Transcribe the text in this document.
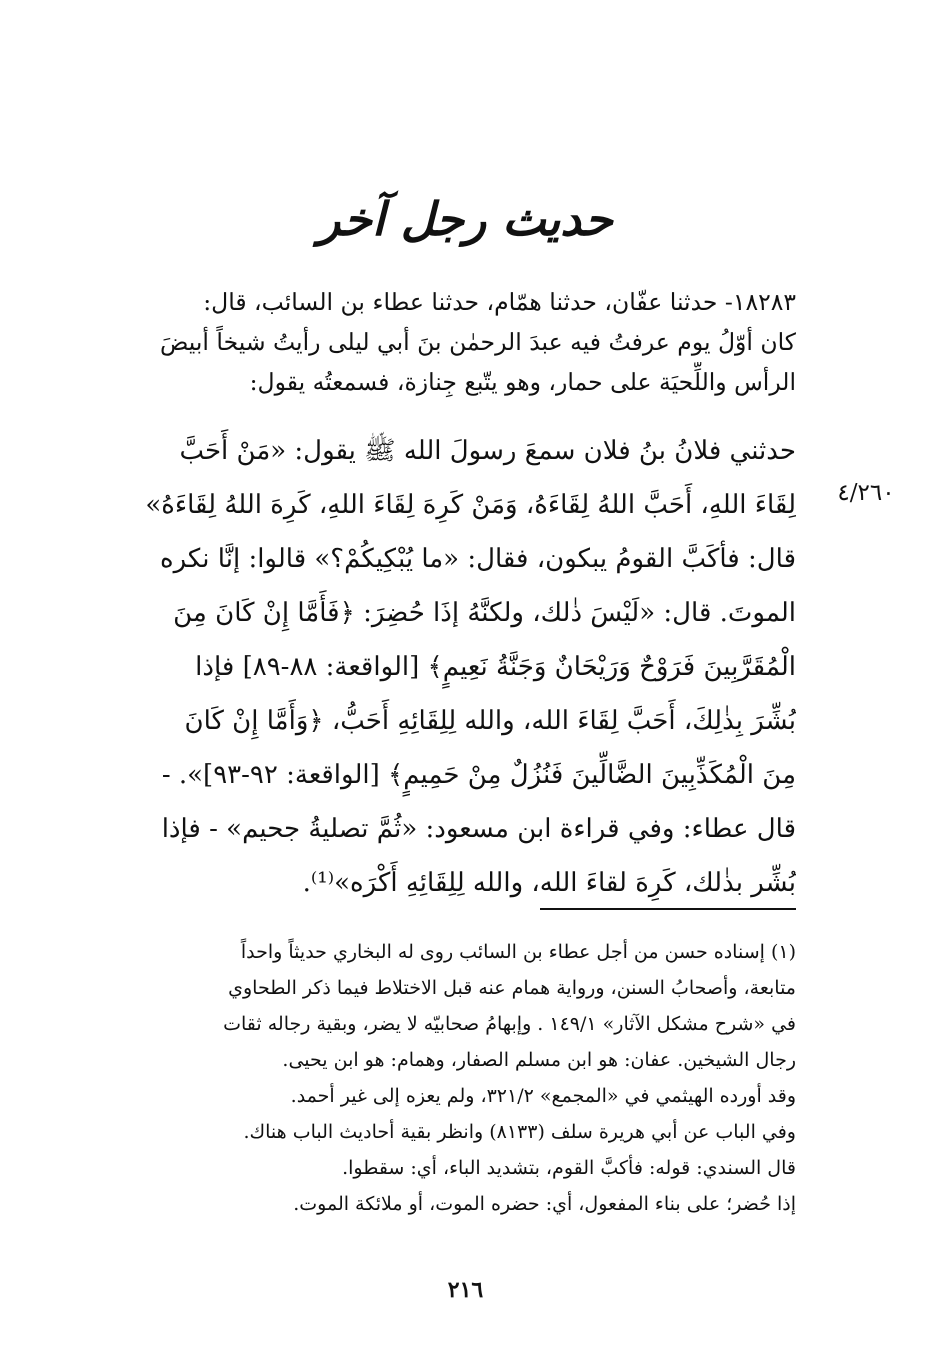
حديث رجل آخر
١٨٢٨٣- حدثنا عفّان، حدثنا همّام، حدثنا عطاء بن السائب، قال:
كان أوّلُ يوم عرفتُ فيه عبدَ الرحمٰن بنَ أبي ليلى رأيتُ شيخاً أبيضَ
الرأس واللِّحيَة على حمار، وهو يتّبع جِنازة، فسمعتُه يقول:
٤/٢٦٠
حدثني فلانُ بنُ فلان سمعَ رسولَ الله ﷺ يقول: «مَنْ أَحَبَّ
لِقَاءَ اللهِ، أَحَبَّ اللهُ لِقَاءَهُ، وَمَنْ كَرِهَ لِقَاءَ اللهِ، كَرِهَ اللهُ لِقَاءَهُ»
قال: فأكَبَّ القومُ يبكون، فقال: «ما يُبْكِيكُمْ؟» قالوا: إنَّا نكره
الموتَ. قال: «لَيْسَ ذٰلك، ولكنَّهُ إذَا حُضِرَ: ﴿فَأَمَّا إِنْ كَانَ مِنَ
الْمُقَرَّبِينَ فَرَوْحٌ وَرَيْحَانٌ وَجَنَّةُ نَعِيمٍ﴾ [الواقعة: ٨٨-٨٩] فإذا
بُشِّرَ بِذٰلِكَ، أَحَبَّ لِقَاءَ الله، والله لِلِقَائِهِ أَحَبُّ، ﴿وَأَمَّا إِنْ كَانَ
مِنَ الْمُكَذِّبِينَ الضَّالِّينَ فَنُزُلٌ مِنْ حَمِيمٍ﴾ [الواقعة: ٩٢-٩٣]». -
قال عطاء: وفي قراءة ابن مسعود: «ثُمَّ تصليةُ جحيم» - فإذا
بُشِّر بذٰلك، كَرِهَ لقاءَ الله، والله لِلِقَائِهِ أَكْرَه»⁽¹⁾.
(١) إسناده حسن من أجل عطاء بن السائب روى له البخاري حديثاً واحداً
متابعة، وأصحابُ السنن، ورواية همام عنه قبل الاختلاط فيما ذكر الطحاوي
في «شرح مشكل الآثار» ١٤٩/١ . وإبهامُ صحابيّه لا يضر، وبقية رجاله ثقات
رجال الشيخين. عفان: هو ابن مسلم الصفار، وهمام: هو ابن يحيى.
وقد أورده الهيثمي في «المجمع» ٣٢١/٢، ولم يعزه إلى غير أحمد.
وفي الباب عن أبي هريرة سلف (٨١٣٣) وانظر بقية أحاديث الباب هناك.
قال السندي: قوله: فأكبَّ القوم، بتشديد الباء، أي: سقطوا.
إذا حُضر؛ على بناء المفعول، أي: حضره الموت، أو ملائكة الموت.
٢١٦
